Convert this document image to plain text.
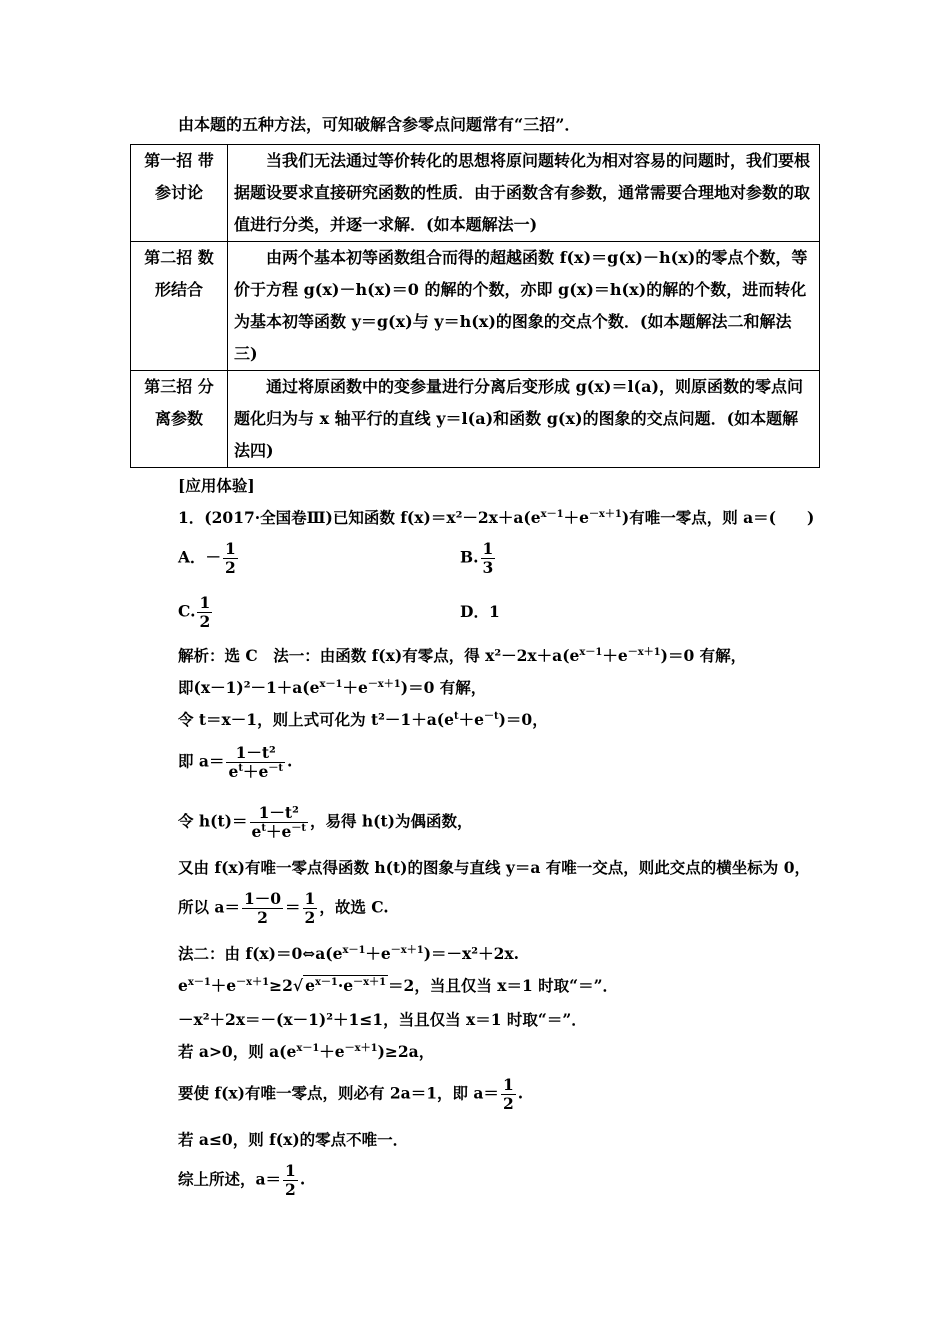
由本题的五种方法，可知破解含参零点问题常有“三招”．
第一招 带参讨论	当我们无法通过等价转化的思想将原问题转化为相对容易的问题时，我们要根据题设要求直接研究函数的性质．由于函数含有参数，通常需要合理地对参数的取值进行分类，并逐一求解．(如本题解法一)
第二招 数形结合	由两个基本初等函数组合而得的超越函数 f(x)＝g(x)－h(x)的零点个数，等价于方程 g(x)－h(x)＝0 的解的个数，亦即 g(x)＝h(x)的解的个数，进而转化为基本初等函数 y＝g(x)与 y＝h(x)的图象的交点个数．(如本题解法二和解法三)
第三招 分离参数	通过将原函数中的变参量进行分离后变形成 g(x)＝l(a)，则原函数的零点问题化归为与 x 轴平行的直线 y＝l(a)和函数 g(x)的图象的交点问题．(如本题解法四)
[应用体验]
1．(2017·全国卷Ⅲ)已知函数 $f(x)=x^2-2x+a(e^{x-1}+e^{-x+1})$有唯一零点，则 a＝(　　)
A．－ $\frac{1}{2}$	B. $\frac{1}{3}$
C. $\frac{1}{2}$	D．1
解析：选 C　法一：由函数 f(x)有零点，得 $x^2-2x+a(e^{x-1}+e^{-x+1})=0$ 有解，
即$(x-1)^2-1+a(e^{x-1}+e^{-x+1})=0$ 有解，
令 t＝x－1，则上式可化为 $t^2-1+a(e^t+e^{-t})=0$，
即 $a= \frac{\text{1－t²}}{e^t+e^{-t}}$ .
令 $h(t)= \frac{\text{1－t²}}{e^t+e^{-t}}$ ，易得 h(t)为偶函数，
又由 f(x)有唯一零点得函数 h(t)的图象与直线 y＝a 有唯一交点，则此交点的横坐标为 0，
所以 $a= \frac{1-0}{2} = \frac{1}{2}$ ，故选 C.
法二：由 $f(x)=0\Leftrightarrow a(e^{x-1}+e^{-x+1})=-x^2+2x$.
$e^{x-1}+e^{-x+1}\ge 2√$ $e^{x-1}\cdot e^{-x+1} =2$，当且仅当 x＝1 时取“＝”．
－x²＋2x＝－(x－1)²＋1≤1，当且仅当 x＝1 时取“＝”．
若 a>0，则 $a(e^{x-1}+e^{-x+1})\ge 2a$，
要使 f(x)有唯一零点，则必有 2a＝1，即 $a= \frac{1}{2}$ .
若 a≤0，则 f(x)的零点不唯一．
综上所述，$a= \frac{1}{2}$ .
